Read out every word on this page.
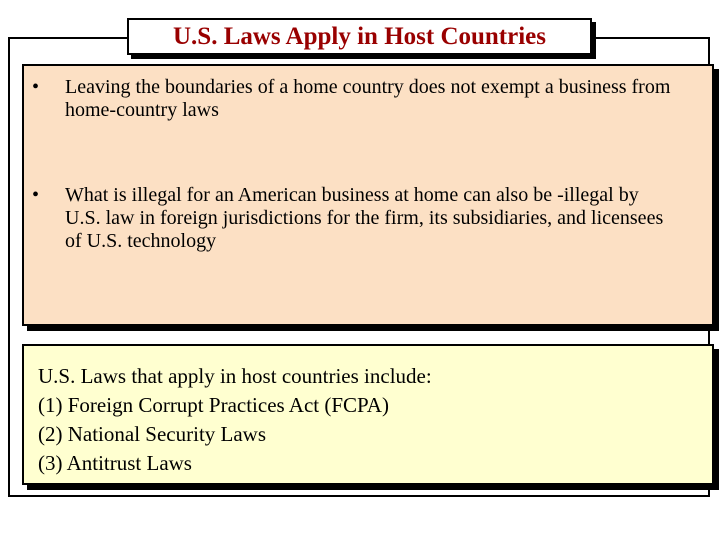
U.S. Laws Apply in Host Countries
•	Leaving the boundaries of a home country does not exempt a business from home-country laws
•	What is illegal for an American business at home can also be -illegal by U.S. law in foreign jurisdictions for the firm, its subsidiaries, and licensees of U.S. technology
U.S. Laws that apply in host countries include:
(1) Foreign Corrupt Practices Act (FCPA)
(2) National Security Laws
(3) Antitrust Laws
